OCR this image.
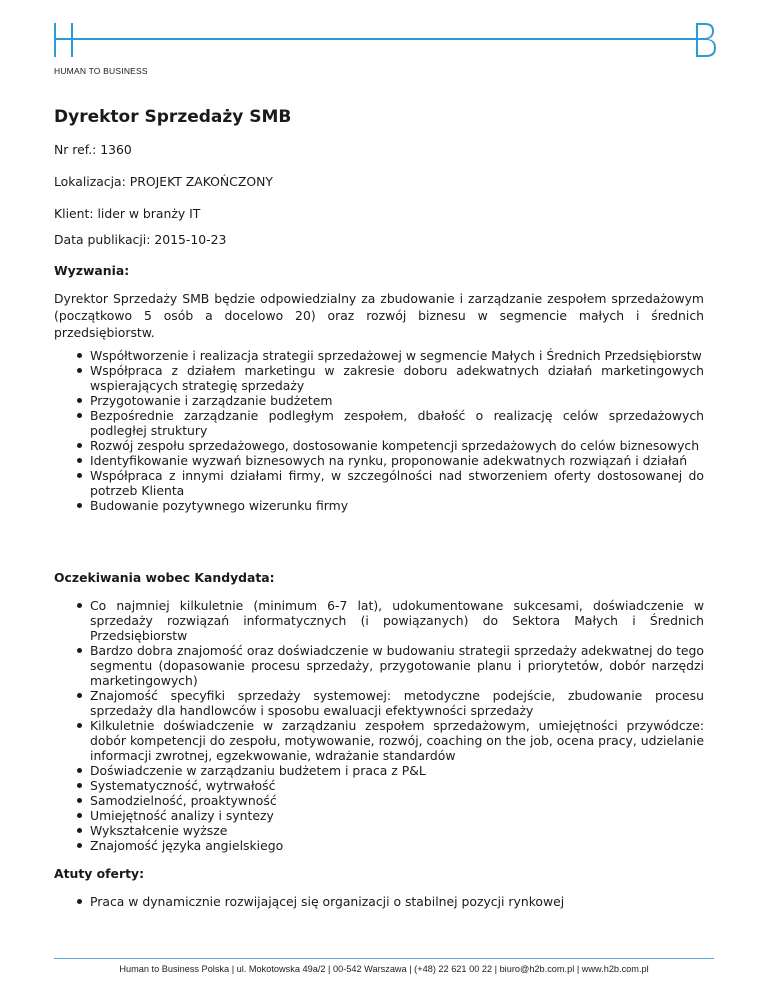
HUMAN TO BUSINESS
Dyrektor Sprzedaży SMB
Nr ref.: 1360
Lokalizacja: PROJEKT ZAKOŃCZONY
Klient: lider w branży IT
Data publikacji: 2015-10-23
Wyzwania:
Dyrektor Sprzedaży SMB będzie odpowiedzialny za zbudowanie i zarządzanie zespołem sprzedażowym (początkowo 5 osób a docelowo 20) oraz rozwój biznesu w segmencie małych i średnich przedsiębiorstw.
Współtworzenie i realizacja strategii sprzedażowej w segmencie Małych i Średnich Przedsiębiorstw
Współpraca z działem marketingu w zakresie doboru adekwatnych działań marketingowych wspierających strategię sprzedaży
Przygotowanie i zarządzanie budżetem
Bezpośrednie zarządzanie podległym zespołem, dbałość o realizację celów sprzedażowych podległej struktury
Rozwój zespołu sprzedażowego, dostosowanie kompetencji sprzedażowych do celów biznesowych
Identyfikowanie wyzwań biznesowych na rynku, proponowanie adekwatnych rozwiązań i działań
Współpraca z innymi działami firmy, w szczególności nad stworzeniem oferty dostosowanej do potrzeb Klienta
Budowanie pozytywnego wizerunku firmy
Oczekiwania wobec Kandydata:
Co najmniej kilkuletnie (minimum 6-7 lat), udokumentowane sukcesami, doświadczenie w sprzedaży rozwiązań informatycznych (i powiązanych) do Sektora Małych i Średnich Przedsiębiorstw
Bardzo dobra znajomość oraz doświadczenie w budowaniu strategii sprzedaży adekwatnej do tego segmentu (dopasowanie procesu sprzedaży, przygotowanie planu i priorytetów, dobór narzędzi marketingowych)
Znajomość specyfiki sprzedaży systemowej: metodyczne podejście, zbudowanie procesu sprzedaży dla handlowców i sposobu ewaluacji efektywności sprzedaży
Kilkuletnie doświadczenie w zarządzaniu zespołem sprzedażowym, umiejętności przywódcze: dobór kompetencji do zespołu, motywowanie, rozwój, coaching on the job, ocena pracy, udzielanie informacji zwrotnej, egzekwowanie, wdrażanie standardów
Doświadczenie w zarządzaniu budżetem i praca z P&L
Systematyczność, wytrwałość
Samodzielność, proaktywność
Umiejętność analizy i syntezy
Wykształcenie wyższe
Znajomość języka angielskiego
Atuty oferty:
Praca w dynamicznie rozwijającej się organizacji o stabilnej pozycji rynkowej
Human to Business Polska | ul. Mokotowska 49a/2 | 00-542 Warszawa | (+48) 22 621 00 22 | biuro@h2b.com.pl | www.h2b.com.pl
